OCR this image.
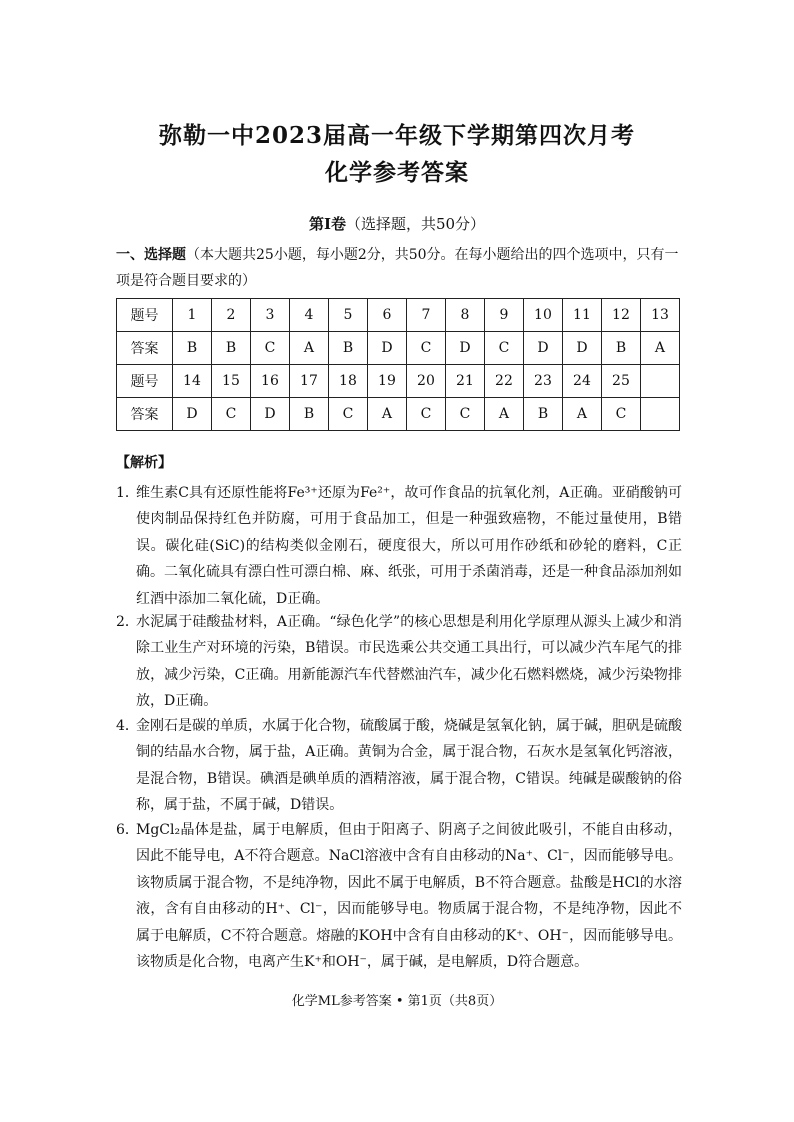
弥勒一中2023届高一年级下学期第四次月考
化学参考答案
第Ⅰ卷（选择题，共50分）
一、选择题（本大题共25小题，每小题2分，共50分。在每小题给出的四个选项中，只有一项是符合题目要求的）
题号	1	2	3	4	5	6	7	8	9	10	11	12	13
答案	B	B	C	A	B	D	C	D	C	D	D	B	A
题号	14	15	16	17	18	19	20	21	22	23	24	25	
答案	D	C	D	B	C	A	C	C	A	B	A	C	
【解析】
1．
维生素C具有还原性能将Fe³⁺还原为Fe²⁺，故可作食品的抗氧化剂，A正确。亚硝酸钠可使肉制品保持红色并防腐，可用于食品加工，但是一种强致癌物，不能过量使用，B错误。碳化硅(SiC)的结构类似金刚石，硬度很大，所以可用作砂纸和砂轮的磨料，C正确。二氧化硫具有漂白性可漂白棉、麻、纸张，可用于杀菌消毒，还是一种食品添加剂如红酒中添加二氧化硫，D正确。
2．
水泥属于硅酸盐材料，A正确。“绿色化学”的核心思想是利用化学原理从源头上减少和消除工业生产对环境的污染，B错误。市民选乘公共交通工具出行，可以减少汽车尾气的排放，减少污染，C正确。用新能源汽车代替燃油汽车，减少化石燃料燃烧，减少污染物排放，D正确。
4．
金刚石是碳的单质，水属于化合物，硫酸属于酸，烧碱是氢氧化钠，属于碱，胆矾是硫酸铜的结晶水合物，属于盐，A正确。黄铜为合金，属于混合物，石灰水是氢氧化钙溶液，是混合物，B错误。碘酒是碘单质的酒精溶液，属于混合物，C错误。纯碱是碳酸钠的俗称，属于盐，不属于碱，D错误。
6．
MgCl₂晶体是盐，属于电解质，但由于阳离子、阴离子之间彼此吸引，不能自由移动，因此不能导电，A不符合题意。NaCl溶液中含有自由移动的Na⁺、Cl⁻，因而能够导电。该物质属于混合物，不是纯净物，因此不属于电解质，B不符合题意。盐酸是HCl的水溶液，含有自由移动的H⁺、Cl⁻，因而能够导电。物质属于混合物，不是纯净物，因此不属于电解质，C不符合题意。熔融的KOH中含有自由移动的K⁺、OH⁻，因而能够导电。该物质是化合物，电离产生K⁺和OH⁻，属于碱，是电解质，D符合题意。
化学ML参考答案 • 第1页（共8页）
